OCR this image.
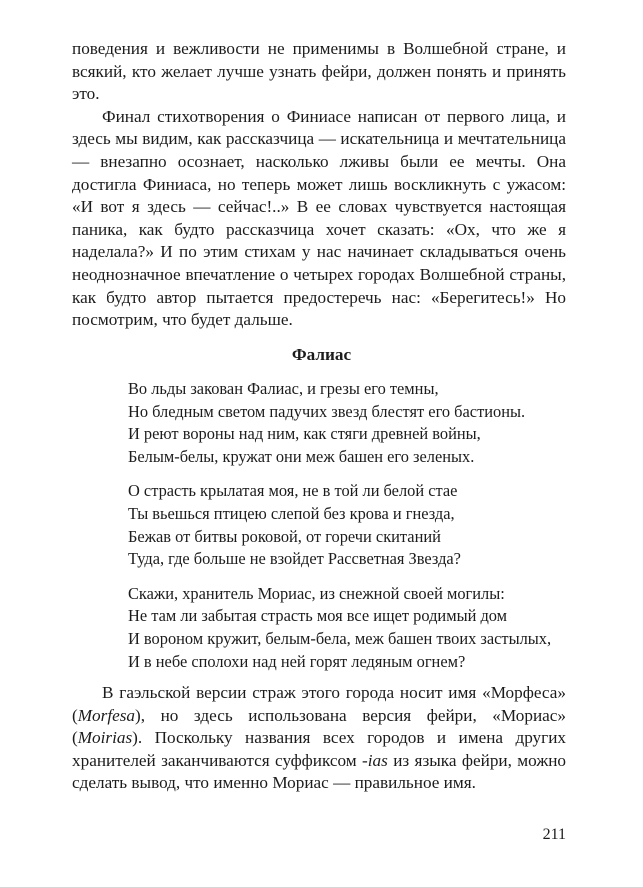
поведения и вежливости не применимы в Волшебной стране, и всякий, кто желает лучше узнать фейри, должен понять и принять это.

Финал стихотворения о Финиасе написан от первого лица, и здесь мы видим, как рассказчица — искательница и мечтательница — внезапно осознает, насколько лживы были ее мечты. Она достигла Финиаса, но теперь может лишь воскликнуть с ужасом: «И вот я здесь — сейчас!..» В ее словах чувствуется настоящая паника, как будто рассказчица хочет сказать: «Ох, что же я наделала?» И по этим стихам у нас начинает складываться очень неоднозначное впечатление о четырех городах Волшебной страны, как будто автор пытается предостеречь нас: «Берегитесь!» Но посмотрим, что будет дальше.

Фалиас
Во льды закован Фалиас, и грезы его темны,
Но бледным светом падучих звезд блестят его бастионы.
И реют вороны над ним, как стяги древней войны,
Белым-белы, кружат они меж башен его зеленых.
О страсть крылатая моя, не в той ли белой стае
Ты вьешься птицею слепой без крова и гнезда,
Бежав от битвы роковой, от горечи скитаний
Туда, где больше не взойдет Рассветная Звезда?
Скажи, хранитель Мориас, из снежной своей могилы:
Не там ли забытая страсть моя все ищет родимый дом
И вороном кружит, белым-бела, меж башен твоих застылых,
И в небе сполохи над ней горят ледяным огнем?

В гаэльской версии страж этого города носит имя «Морфеса» (Morfesa), но здесь использована версия фейри, «Мориас» (Moirias). Поскольку названия всех городов и имена других хранителей заканчиваются суффиксом -ias из языка фейри, можно сделать вывод, что именно Мориас — правильное имя.

211
